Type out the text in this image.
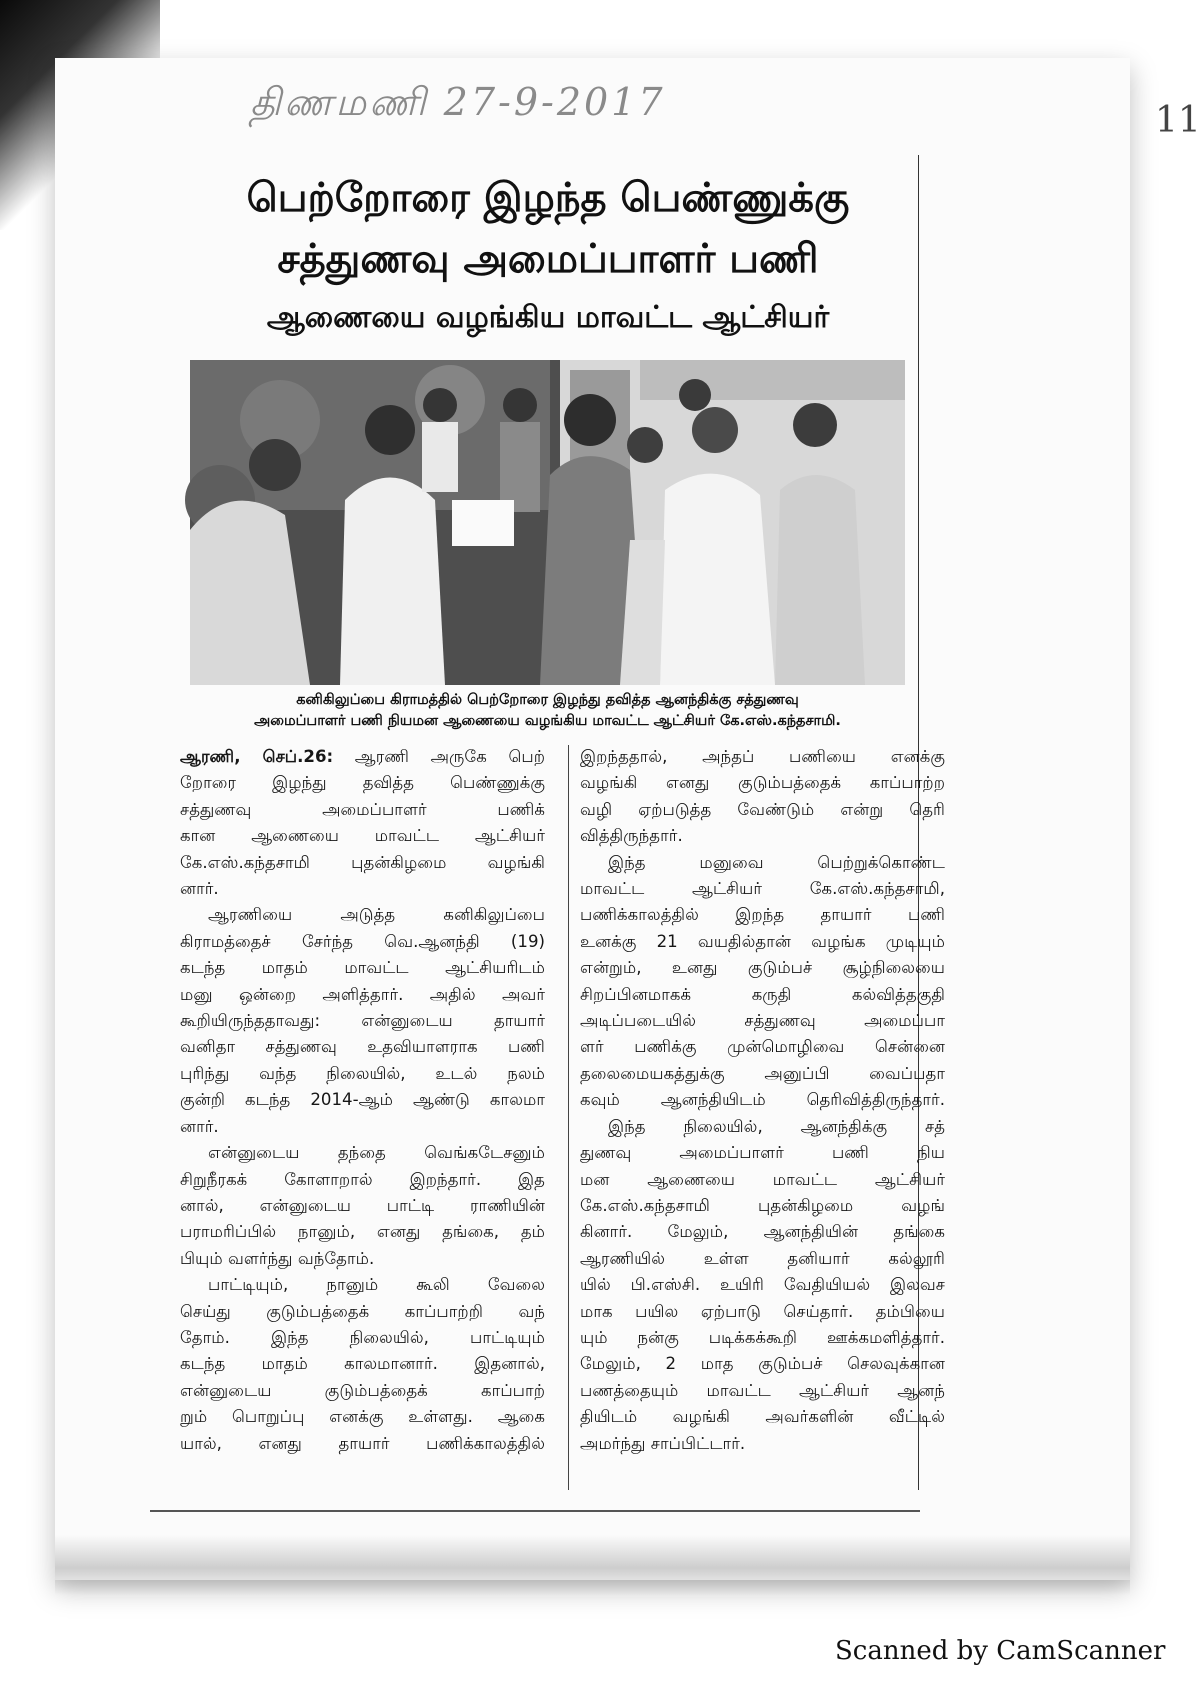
திணமணி 27-9-2017	11
பெற்றோரை இழந்த பெண்ணுக்கு
சத்துணவு அமைப்பாளர் பணி
ஆணையை வழங்கிய மாவட்ட ஆட்சியர்
கனிகிலுப்பை கிராமத்தில் பெற்றோரை இழந்து தவித்த ஆனந்திக்கு சத்துணவு
அமைப்பாளர் பணி நியமன ஆணையை வழங்கிய மாவட்ட ஆட்சியர் கே.எஸ்.கந்தசாமி.
ஆரணி, செப்.26: ஆரணி அருகே பெற்
றோரை இழந்து தவித்த பெண்ணுக்கு
சத்துணவு அமைப்பாளர் பணிக்
கான ஆணையை மாவட்ட ஆட்சியர்
கே.எஸ்.கந்தசாமி புதன்கிழமை வழங்கி
னார்.
ஆரணியை அடுத்த கனிகிலுப்பை
கிராமத்தைச் சேர்ந்த வெ.ஆனந்தி (19)
கடந்த மாதம் மாவட்ட ஆட்சியரிடம்
மனு ஒன்றை அளித்தார். அதில் அவர்
கூறியிருந்ததாவது: என்னுடைய தாயார்
வனிதா சத்துணவு உதவியாளராக பணி
புரிந்து வந்த நிலையில், உடல் நலம்
குன்றி கடந்த 2014-ஆம் ஆண்டு காலமா
னார்.
என்னுடைய தந்தை வெங்கடேசனும்
சிறுநீரகக் கோளாறால் இறந்தார். இத
னால், என்னுடைய பாட்டி ராணியின்
பராமரிப்பில் நானும், எனது தங்கை, தம்
பியும் வளர்ந்து வந்தோம்.
பாட்டியும், நானும் கூலி வேலை
செய்து குடும்பத்தைக் காப்பாற்றி வந்
தோம். இந்த நிலையில், பாட்டியும்
கடந்த மாதம் காலமானார். இதனால்,
என்னுடைய குடும்பத்தைக் காப்பாற்
றும் பொறுப்பு எனக்கு உள்ளது. ஆகை
யால், எனது தாயார் பணிக்காலத்தில்
இறந்ததால், அந்தப் பணியை எனக்கு
வழங்கி எனது குடும்பத்தைக் காப்பாற்ற
வழி ஏற்படுத்த வேண்டும் என்று தெரி
வித்திருந்தார்.
இந்த மனுவை பெற்றுக்கொண்ட
மாவட்ட ஆட்சியர் கே.எஸ்.கந்தசாமி,
பணிக்காலத்தில் இறந்த தாயார் பணி
உனக்கு 21 வயதில்தான் வழங்க முடியும்
என்றும், உனது குடும்பச் சூழ்நிலையை
சிறப்பினமாகக் கருதி கல்வித்தகுதி
அடிப்படையில் சத்துணவு அமைப்பா
ளர் பணிக்கு முன்மொழிவை சென்னை
தலைமையகத்துக்கு அனுப்பி வைப்பதா
கவும் ஆனந்தியிடம் தெரிவித்திருந்தார்.
இந்த நிலையில், ஆனந்திக்கு சத்
துணவு அமைப்பாளர் பணி நிய
மன ஆணையை மாவட்ட ஆட்சியர்
கே.எஸ்.கந்தசாமி புதன்கிழமை வழங்
கினார். மேலும், ஆனந்தியின் தங்கை
ஆரணியில் உள்ள தனியார் கல்லூரி
யில் பி.எஸ்சி. உயிரி வேதியியல் இலவச
மாக பயில ஏற்பாடு செய்தார். தம்பியை
யும் நன்கு படிக்கக்கூறி ஊக்கமளித்தார்.
மேலும், 2 மாத குடும்பச் செலவுக்கான
பணத்தையும் மாவட்ட ஆட்சியர் ஆனந்
தியிடம் வழங்கி அவர்களின் வீட்டில்
அமர்ந்து சாப்பிட்டார்.
Scanned by CamScanner
